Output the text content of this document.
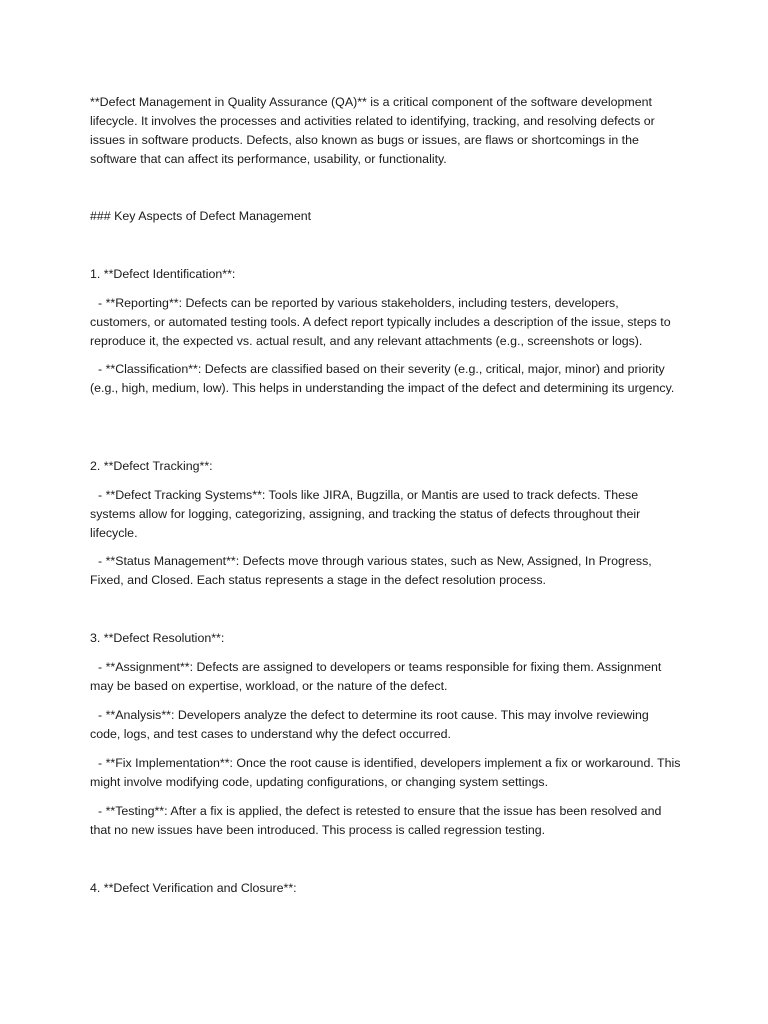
**Defect Management in Quality Assurance (QA)** is a critical component of the software development lifecycle. It involves the processes and activities related to identifying, tracking, and resolving defects or issues in software products. Defects, also known as bugs or issues, are flaws or shortcomings in the software that can affect its performance, usability, or functionality.

### Key Aspects of Defect Management

1. **Defect Identification**:

- **Reporting**: Defects can be reported by various stakeholders, including testers, developers, customers, or automated testing tools. A defect report typically includes a description of the issue, steps to reproduce it, the expected vs. actual result, and any relevant attachments (e.g., screenshots or logs).

- **Classification**: Defects are classified based on their severity (e.g., critical, major, minor) and priority (e.g., high, medium, low). This helps in understanding the impact of the defect and determining its urgency.

2. **Defect Tracking**:

- **Defect Tracking Systems**: Tools like JIRA, Bugzilla, or Mantis are used to track defects. These systems allow for logging, categorizing, assigning, and tracking the status of defects throughout their lifecycle.

- **Status Management**: Defects move through various states, such as New, Assigned, In Progress, Fixed, and Closed. Each status represents a stage in the defect resolution process.

3. **Defect Resolution**:

- **Assignment**: Defects are assigned to developers or teams responsible for fixing them. Assignment may be based on expertise, workload, or the nature of the defect.

- **Analysis**: Developers analyze the defect to determine its root cause. This may involve reviewing code, logs, and test cases to understand why the defect occurred.

- **Fix Implementation**: Once the root cause is identified, developers implement a fix or workaround. This might involve modifying code, updating configurations, or changing system settings.

- **Testing**: After a fix is applied, the defect is retested to ensure that the issue has been resolved and that no new issues have been introduced. This process is called regression testing.

4. **Defect Verification and Closure**:
